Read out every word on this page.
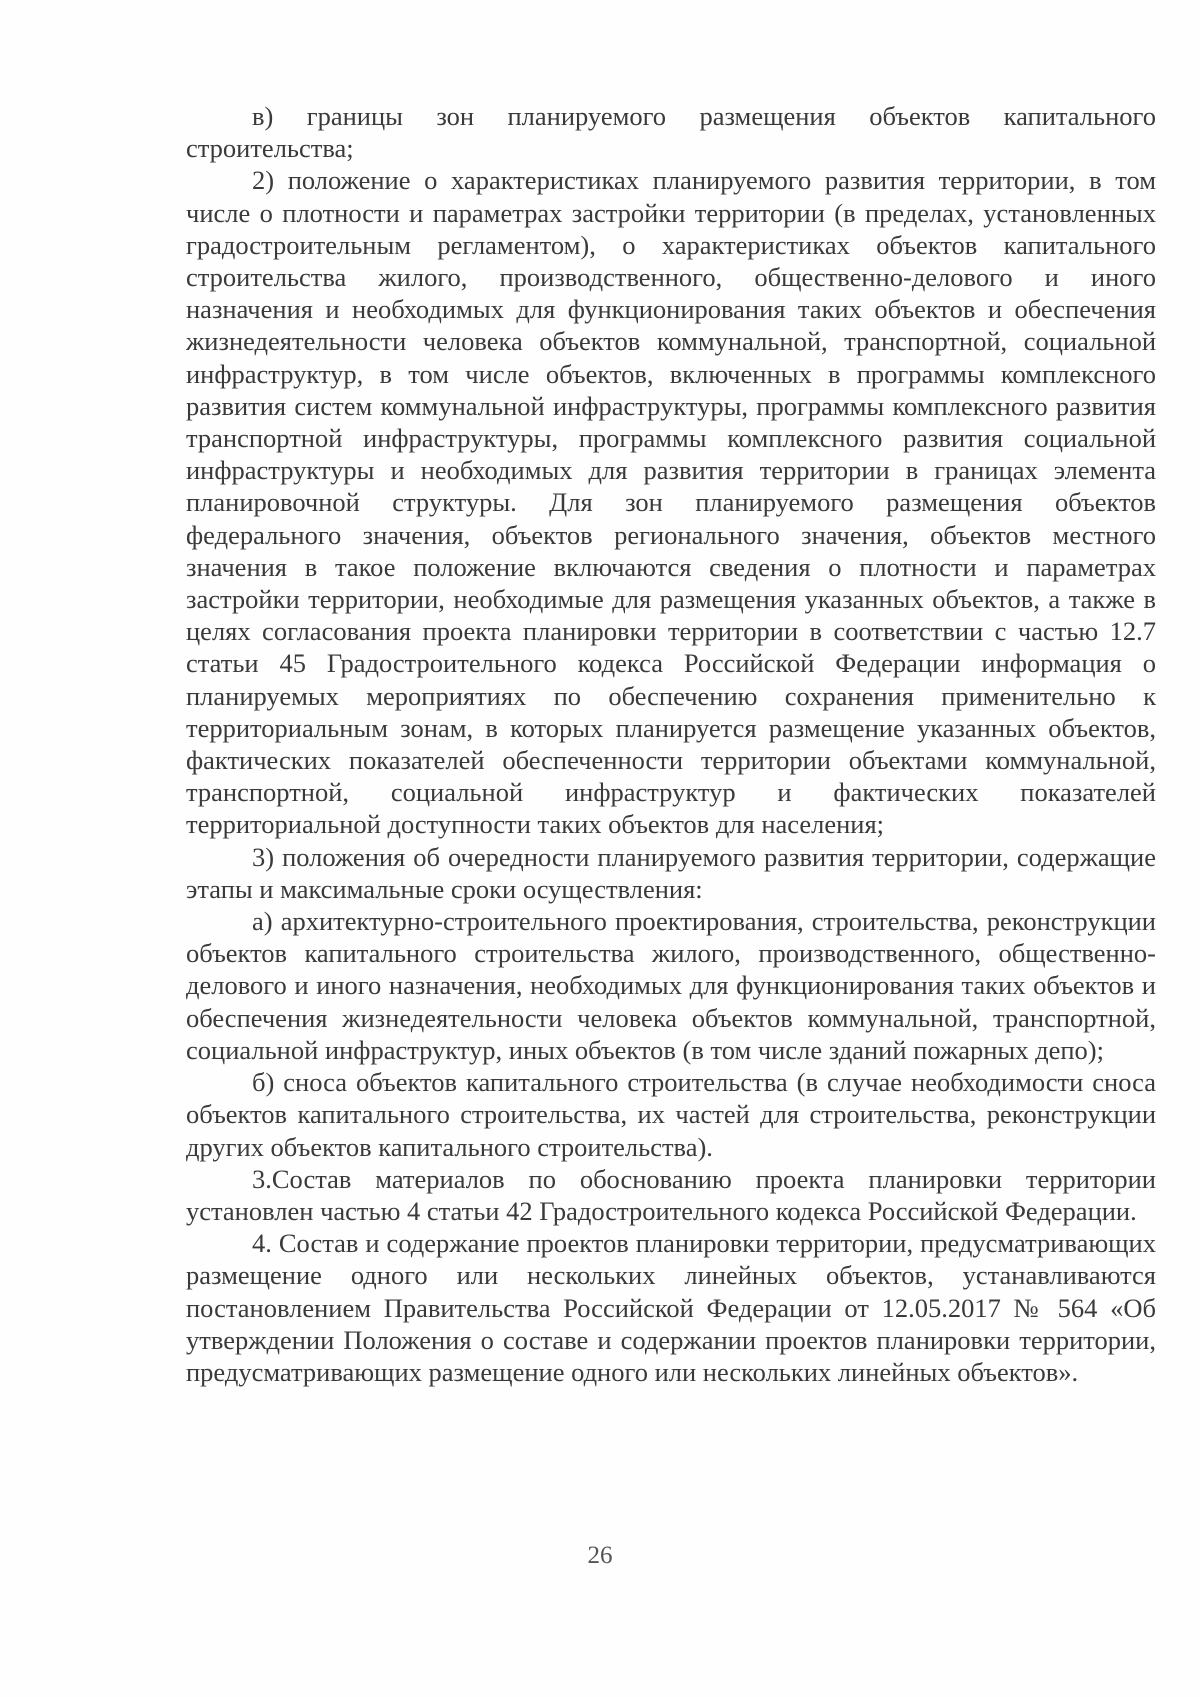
в) границы зон планируемого размещения объектов капитального строительства;

2) положение о характеристиках планируемого развития территории, в том числе о плотности и параметрах застройки территории (в пределах, установленных градостроительным регламентом), о характеристиках объектов капитального строительства жилого, производственного, общественно-делового и иного назначения и необходимых для функционирования таких объектов и обеспечения жизнедеятельности человека объектов коммунальной, транспортной, социальной инфраструктур, в том числе объектов, включенных в программы комплексного развития систем коммунальной инфраструктуры, программы комплексного развития транспортной инфраструктуры, программы комплексного развития социальной инфраструктуры и необходимых для развития территории в границах элемента планировочной структуры. Для зон планируемого размещения объектов федерального значения, объектов регионального значения, объектов местного значения в такое положение включаются сведения о плотности и параметрах застройки территории, необходимые для размещения указанных объектов, а также в целях согласования проекта планировки территории в соответствии с частью 12.7 статьи 45 Градостроительного кодекса Российской Федерации информация о планируемых мероприятиях по обеспечению сохранения применительно к территориальным зонам, в которых планируется размещение указанных объектов, фактических показателей обеспеченности территории объектами коммунальной, транспортной, социальной инфраструктур и фактических показателей территориальной доступности таких объектов для населения;

3) положения об очередности планируемого развития территории, содержащие этапы и максимальные сроки осуществления:

а) архитектурно-строительного проектирования, строительства, реконструкции объектов капитального строительства жилого, производственного, общественно-делового и иного назначения, необходимых для функционирования таких объектов и обеспечения жизнедеятельности человека объектов коммунальной, транспортной, социальной инфраструктур, иных объектов (в том числе зданий пожарных депо);

б) сноса объектов капитального строительства (в случае необходимости сноса объектов капитального строительства, их частей для строительства, реконструкции других объектов капитального строительства).

3.Состав материалов по обоснованию проекта планировки территории установлен частью 4 статьи 42 Градостроительного кодекса Российской Федерации.

4. Состав и содержание проектов планировки территории, предусматривающих размещение одного или нескольких линейных объектов, устанавливаются постановлением Правительства Российской Федерации от 12.05.2017 № 564 «Об утверждении Положения о составе и содержании проектов планировки территории, предусматривающих размещение одного или нескольких линейных объектов».

26
